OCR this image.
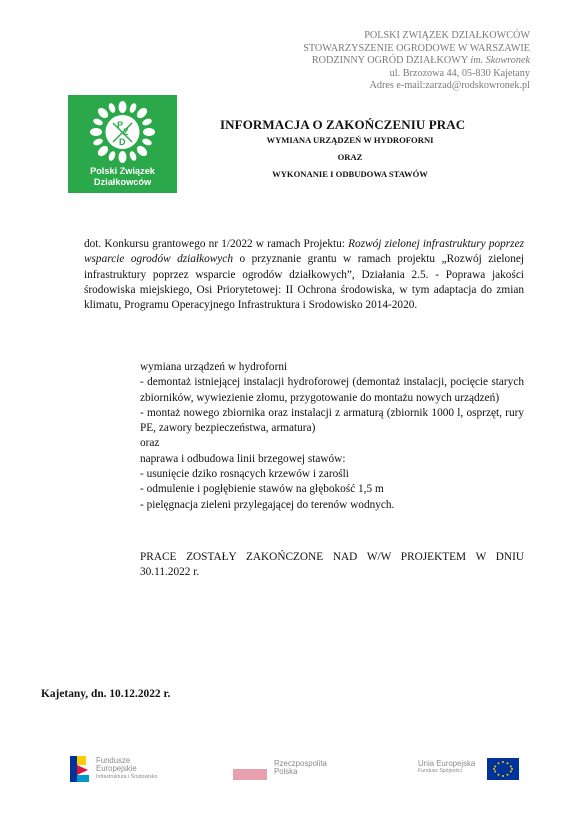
POLSKI ZWIĄZEK DZIAŁKOWCÓW
STOWARZYSZENIE OGRODOWE W WARSZAWIE
RODZINNY OGRÓD DZIAŁKOWY im. Skowronek
ul. Brzozowa 44, 05-830 Kajetany
Adres e-mail:zarzad@rodskowronek.pl
P
Z
D
Polski Związek
Działkowców
INFORMACJA O ZAKOŃCZENIU PRAC
WYMIANA URZĄDZEŃ W HYDROFORNI
ORAZ
WYKONANIE I ODBUDOWA STAWÓW
dot. Konkursu grantowego nr 1/2022 w ramach Projektu: Rozwój zielonej infrastruktury poprzez wsparcie ogrodów działkowych o przyznanie grantu w ramach projektu „Rozwój zielonej infrastruktury poprzez wsparcie ogrodów działkowych”, Działania 2.5. - Poprawa jakości środowiska miejskiego, Osi Priorytetowej: II Ochrona środowiska, w tym adaptacja do zmian klimatu, Programu Operacyjnego Infrastruktura i Srodowisko 2014-2020.
wymiana urządzeń w hydroforni
- demontaż istniejącej instalacji hydroforowej (demontaż instalacji, pocięcie starych zbiorników, wywiezienie złomu, przygotowanie do montażu nowych urządzeń)
- montaż nowego zbiornika oraz instalacji z armaturą (zbiornik 1000 l, osprzęt, rury PE, zawory bezpieczeństwa, armatura)
oraz
naprawa i odbudowa linii brzegowej stawów:
- usunięcie dziko rosnących krzewów i zarośli
- odmulenie i pogłębienie stawów na głębokość 1,5 m
- pielęgnacja zieleni przylegającej do terenów wodnych.
PRACE ZOSTAŁY ZAKOŃCZONE NAD W/W PROJEKTEM W DNIU 30.11.2022 r.
Kajetany, dn. 10.12.2022 r.
Fundusze
Europejskie
Infrastruktura i Środowisko
Rzeczpospolita
Polska
Unia Europejska
Fundusz Spójności
